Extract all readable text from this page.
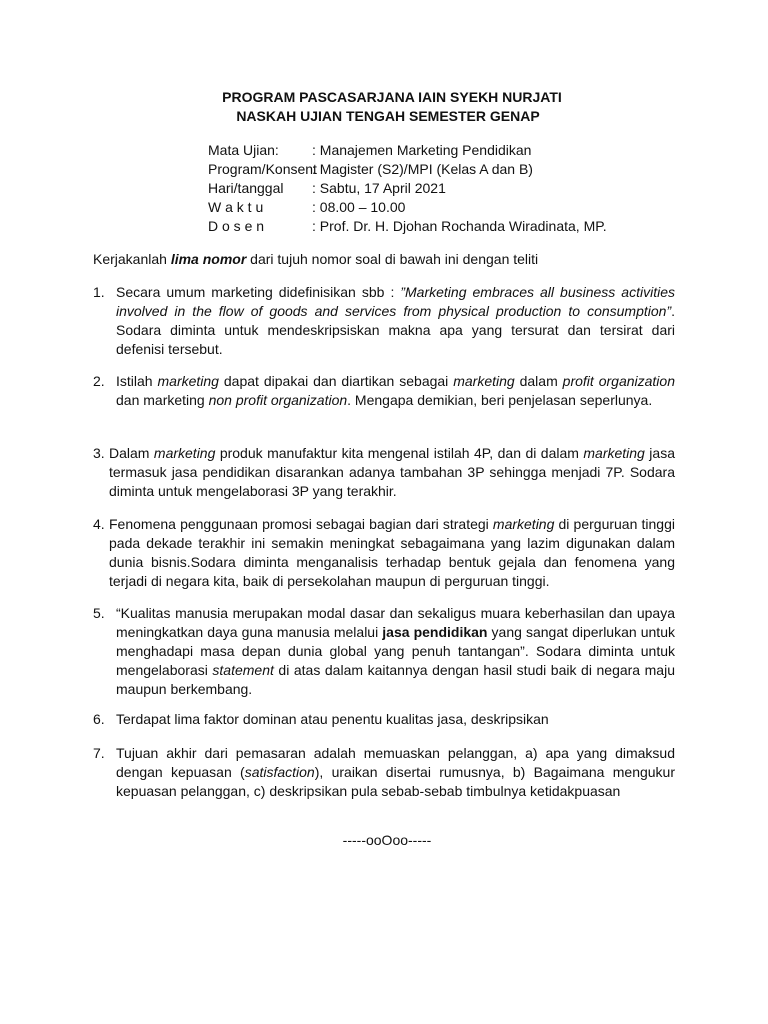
PROGRAM PASCASARJANA IAIN SYEKH NURJATI
NASKAH UJIAN TENGAH SEMESTER GENAP
Mata Ujian: : Manajemen Marketing Pendidikan
Program/Konsent
: Magister (S2)/MPI (Kelas A dan B)
Hari/tanggal : Sabtu, 17 April 2021
W a k t u	: 08.00 – 10.00
D o s e n	: Prof. Dr. H. Djohan Rochanda Wiradinata, MP.
Kerjakanlah lima nomor dari tujuh nomor soal di bawah ini dengan teliti
1. Secara umum marketing didefinisikan sbb : ”Marketing embraces all business activities involved in the flow of goods and services from physical production to consumption”. Sodara diminta untuk mendeskripsiskan makna apa yang tersurat dan tersirat dari defenisi tersebut.
2. Istilah marketing dapat dipakai dan diartikan sebagai marketing dalam profit organization dan marketing non profit organization. Mengapa demikian, beri penjelasan seperlunya.
3. Dalam marketing produk manufaktur kita mengenal istilah 4P, dan di dalam marketing jasa termasuk jasa pendidikan disarankan adanya tambahan 3P sehingga menjadi 7P. Sodara diminta untuk mengelaborasi 3P yang terakhir.
4. Fenomena penggunaan promosi sebagai bagian dari strategi marketing di perguruan tinggi pada dekade terakhir ini semakin meningkat sebagaimana yang lazim digunakan dalam dunia bisnis.Sodara diminta menganalisis terhadap bentuk gejala dan fenomena yang terjadi di negara kita, baik di persekolahan maupun di perguruan tinggi.
5. “Kualitas manusia merupakan modal dasar dan sekaligus muara keberhasilan dan upaya meningkatkan daya guna manusia melalui jasa pendidikan yang sangat diperlukan untuk menghadapi masa depan dunia global yang penuh tantangan”. Sodara diminta untuk mengelaborasi statement di atas dalam kaitannya dengan hasil studi baik di negara maju maupun berkembang.
6. Terdapat lima faktor dominan atau penentu kualitas jasa, deskripsikan
7. Tujuan akhir dari pemasaran adalah memuaskan pelanggan, a) apa yang dimaksud dengan kepuasan (satisfaction), uraikan disertai rumusnya, b) Bagaimana mengukur kepuasan pelanggan, c) deskripsikan pula sebab-sebab timbulnya ketidakpuasan
-----ooOoo-----
